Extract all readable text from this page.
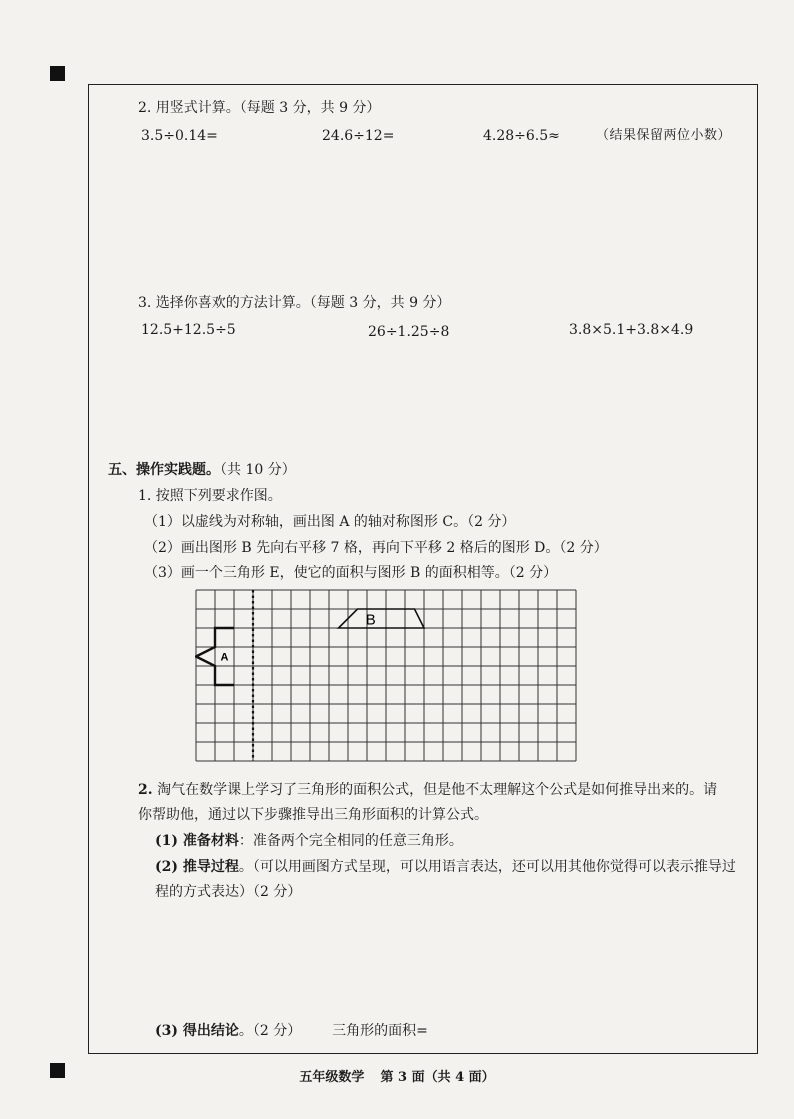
2. 用竖式计算。（每题 3 分，共 9 分）
3.5÷0.14=	24.6÷12=	4.28÷6.5≈	（结果保留两位小数）
3. 选择你喜欢的方法计算。（每题 3 分，共 9 分）
12.5+12.5÷5	26÷1.25÷8	3.8×5.1+3.8×4.9
五、操作实践题。（共 10 分）
1. 按照下列要求作图。
（1）以虚线为对称轴，画出图 A 的轴对称图形 C。（2 分）
（2）画出图形 B 先向右平移 7 格，再向下平移 2 格后的图形 D。（2 分）
（3）画一个三角形 E，使它的面积与图形 B 的面积相等。（2 分）
A
B
2. 淘气在数学课上学习了三角形的面积公式，但是他不太理解这个公式是如何推导出来的。请你帮助他，通过以下步骤推导出三角形面积的计算公式。
(1) 准备材料：准备两个完全相同的任意三角形。
(2) 推导过程。（可以用画图方式呈现，可以用语言表达，还可以用其他你觉得可以表示推导过程的方式表达）（2 分）
(3) 得出结论。（2 分） 三角形的面积=
五年级数学 第 3 面（共 4 面）
